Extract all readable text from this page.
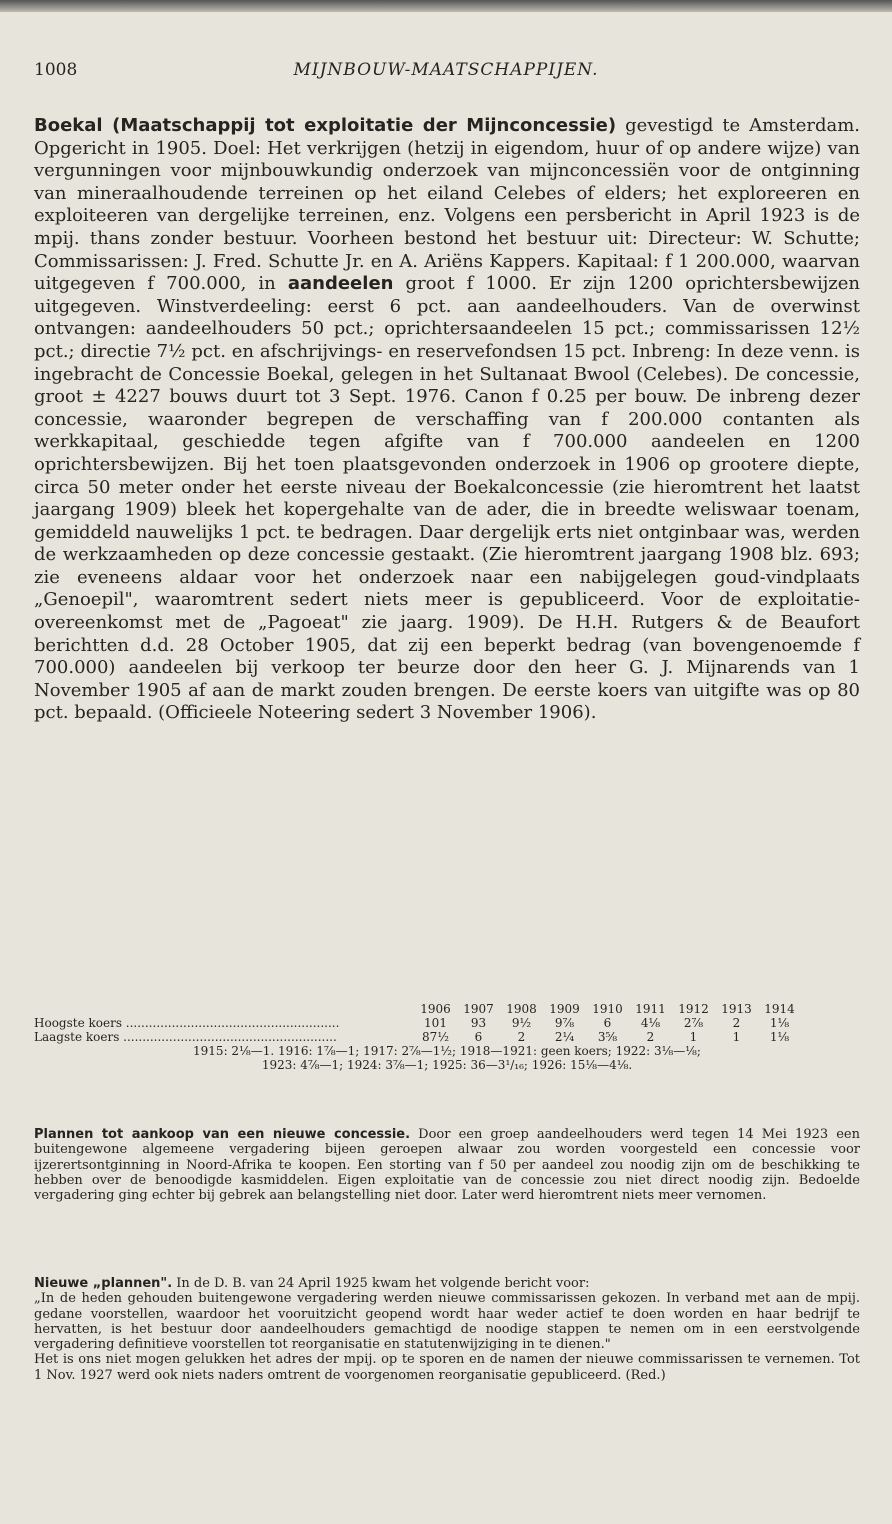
1008	MIJNBOUW-MAATSCHAPPIJEN.

Boekal (Maatschappij tot exploitatie der Mijnconcessie) gevestigd te Amsterdam. Opgericht in 1905. Doel: Het verkrijgen (hetzij in eigendom, huur of op andere wijze) van vergunningen voor mijnbouwkundig onderzoek van mijnconcessiën voor de ontginning van mineraalhoudende terreinen op het eiland Celebes of elders; het exploreeren en exploiteeren van dergelijke terreinen, enz. Volgens een persbericht in April 1923 is de mpij. thans zonder bestuur. Voorheen bestond het bestuur uit: Directeur: W. Schutte; Commissarissen: J. Fred. Schutte Jr. en A. Ariëns Kappers. Kapitaal: f 1 200.000, waarvan uitgegeven f 700.000, in aandeelen groot f 1000. Er zijn 1200 oprichtersbewijzen uitgegeven. Winstverdeeling: eerst 6 pct. aan aandeelhouders. Van de overwinst ontvangen: aandeelhouders 50 pct.; oprichtersaandeelen 15 pct.; commissarissen 12½ pct.; directie 7½ pct. en afschrijvings- en reservefondsen 15 pct. Inbreng: In deze venn. is ingebracht de Concessie Boekal, gelegen in het Sultanaat Bwool (Celebes). De concessie, groot ± 4227 bouws duurt tot 3 Sept. 1976. Canon f 0.25 per bouw. De inbreng dezer concessie, waaronder begrepen de verschaffing van f 200.000 contanten als werkkapitaal, geschiedde tegen afgifte van f 700.000 aandeelen en 1200 oprichtersbewijzen. Bij het toen plaatsgevonden onderzoek in 1906 op grootere diepte, circa 50 meter onder het eerste niveau der Boekalconcessie (zie hieromtrent het laatst jaargang 1909) bleek het kopergehalte van de ader, die in breedte weliswaar toenam, gemiddeld nauwelijks 1 pct. te bedragen. Daar dergelijk erts niet ontginbaar was, werden de werkzaamheden op deze concessie gestaakt. (Zie hieromtrent jaargang 1908 blz. 693; zie eveneens aldaar voor het onderzoek naar een nabijgelegen goud-vindplaats „Genoepil", waaromtrent sedert niets meer is gepubliceerd. Voor de exploitatie-overeenkomst met de „Pagoeat" zie jaarg. 1909). De H.H. Rutgers & de Beaufort berichtten d.d. 28 October 1905, dat zij een beperkt bedrag (van bovengenoemde f 700.000) aandeelen bij verkoop ter beurze door den heer G. J. Mijnarends van 1 November 1905 af aan de markt zouden brengen. De eerste koers van uitgifte was op 80 pct. bepaald. (Officieele Noteering sedert 3 November 1906).

1906	1907	1908	1909	1910	1911	1912	1913	1914
Hoogste koers ........................................................	101	93	9½	9⅞	6	4⅛	2⅞	2	1⅛
Laagste koers ........................................................	87½	6	2	2¼	3⅝	2	1	1	1⅛
1915: 2⅛—1. 1916: 1⅞—1; 1917: 2⅞—1½; 1918—1921: geen koers; 1922: 3⅛—⅛;
1923: 4⅞—1; 1924: 3⅞—1; 1925: 36—3¹/₁₆; 1926: 15⅛—4⅛.

Plannen tot aankoop van een nieuwe concessie. Door een groep aandeelhouders werd tegen 14 Mei 1923 een buitengewone algemeene vergadering bijeen geroepen alwaar zou worden voorgesteld een concessie voor ijzerertsontginning in Noord-Afrika te koopen. Een storting van f 50 per aandeel zou noodig zijn om de beschikking te hebben over de benoodigde kasmiddelen. Eigen exploitatie van de concessie zou niet direct noodig zijn. Bedoelde vergadering ging echter bij gebrek aan belangstelling niet door. Later werd hieromtrent niets meer vernomen.

Nieuwe „plannen". In de D. B. van 24 April 1925 kwam het volgende bericht voor:

„In de heden gehouden buitengewone vergadering werden nieuwe commissarissen gekozen. In verband met aan de mpij. gedane voorstellen, waardoor het vooruitzicht geopend wordt haar weder actief te doen worden en haar bedrijf te hervatten, is het bestuur door aandeelhouders gemachtigd de noodige stappen te nemen om in een eerstvolgende vergadering definitieve voorstellen tot reorganisatie en statutenwijziging in te dienen."

Het is ons niet mogen gelukken het adres der mpij. op te sporen en de namen der nieuwe commissarissen te vernemen. Tot 1 Nov. 1927 werd ook niets naders omtrent de voorgenomen reorganisatie gepubliceerd. (Red.)
